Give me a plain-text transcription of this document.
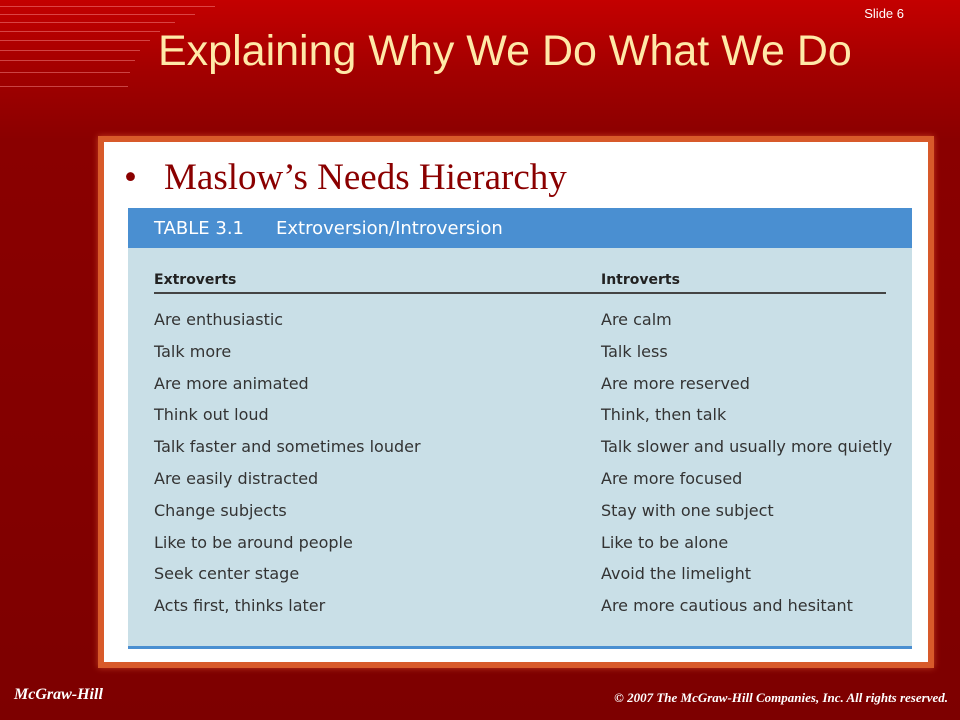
Slide 6
Explaining Why We Do What We Do
• Maslow’s Needs Hierarchy
TABLE 3.1	Extroversion/Introversion
Extroverts	Introverts
Are enthusiastic	Are calm
Talk more	Talk less
Are more animated	Are more reserved
Think out loud	Think, then talk
Talk faster and sometimes louder	Talk slower and usually more quietly
Are easily distracted	Are more focused
Change subjects	Stay with one subject
Like to be around people	Like to be alone
Seek center stage	Avoid the limelight
Acts first, thinks later	Are more cautious and hesitant
McGraw-Hill	© 2007 The McGraw-Hill Companies, Inc. All rights reserved.
